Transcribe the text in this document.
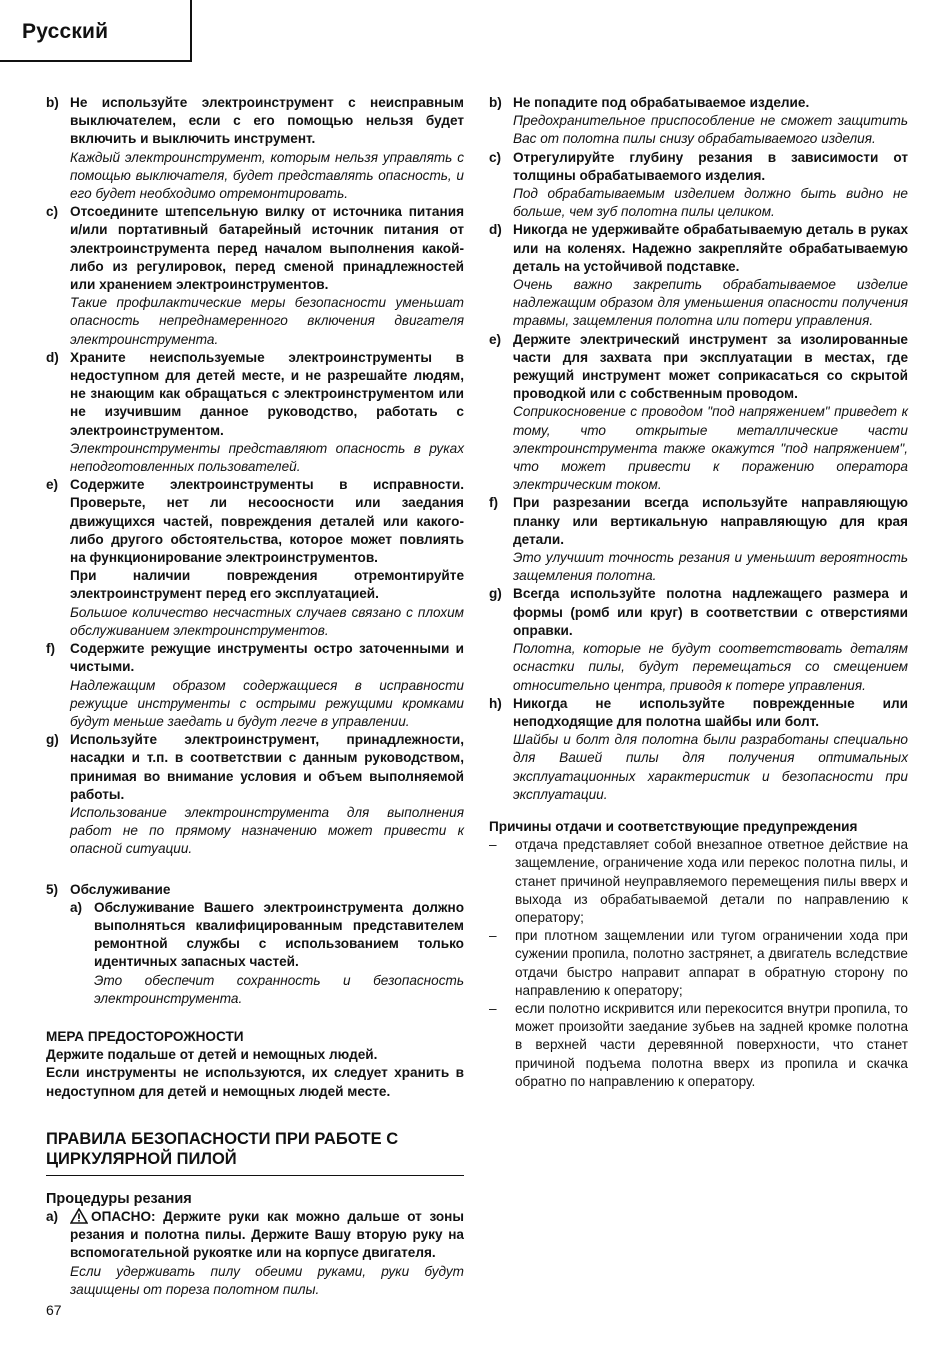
Русский
b) Не используйте электроинструмент с неисправным выключателем, если с его помощью нельзя будет включить и выключить инструмент.
Каждый электроинструмент, которым нельзя управлять с помощью выключателя, будет представлять опасность, и его будет необходимо отремонтировать.
c) Отсоедините штепсельную вилку от источника питания и/или портативный батарейный источник питания от электроинструмента перед началом выполнения какой-либо из регулировок, перед сменой принадлежностей или хранением электроинструментов.
Такие профилактические меры безопасности уменьшат опасность непреднамеренного включения двигателя электроинструмента.
d) Храните неиспользуемые электроинструменты в недоступном для детей месте, и не разрешайте людям, не знающим как обращаться с электроинструментом или не изучившим данное руководство, работать с электроинструментом.
Электроинструменты представляют опасность в руках неподготовленных пользователей.
e) Содержите электроинструменты в исправности. Проверьте, нет ли несоосности или заедания движущихся частей, повреждения деталей или какого-либо другого обстоятельства, которое может повлиять на функционирование электроинструментов.
При наличии повреждения отремонтируйте электроинструмент перед его эксплуатацией.
Большое количество несчастных случаев связано с плохим обслуживанием электроинструментов.
f)	Содержите режущие инструменты остро заточенными и чистыми.
Надлежащим образом содержащиеся в исправности режущие инструменты с острыми режущими кромками будут меньше заедать и будут легче в управлении.
g) Используйте электроинструмент, принадлежности, насадки и т.п. в соответствии с данным руководством, принимая во внимание условия и объем выполняемой работы.
Использование электроинструмента для выполнения работ не по прямому назначению может привести к опасной ситуации.
5) Обслуживание
a) Обслуживание Вашего электроинструмента должно выполняться квалифицированным представителем ремонтной службы с использованием только идентичных запасных частей.
Это обеспечит сохранность и безопасность электроинструмента.
МЕРА ПРЕДОСТОРОЖНОСТИ
Держите подальше от детей и немощных людей.
Если инструменты не используются, их следует хранить в недоступном для детей и немощных людей месте.
ПРАВИЛА БЕЗОПАСНОСТИ ПРИ РАБОТЕ С ЦИРКУЛЯРНОЙ ПИЛОЙ
Процедуры резания
a)	ОПАСНО: Держите руки как можно дальше от зоны резания и полотна пилы. Держите Вашу вторую руку на вспомогательной рукоятке или на корпусе двигателя.
Если удерживать пилу обеими руками, руки будут защищены от пореза полотном пилы.
b) Не попадите под обрабатываемое изделие.
Предохранительное приспособление не сможет защитить Вас от полотна пилы снизу обрабатываемого изделия.
c) Отрегулируйте глубину резания в зависимости от толщины обрабатываемого изделия.
Под обрабатываемым изделием должно быть видно не больше, чем зуб полотна пилы целиком.
d) Никогда не удерживайте обрабатываемую деталь в руках или на коленях. Надежно закрепляйте обрабатываемую деталь на устойчивой подставке.
Очень важно закрепить обрабатываемое изделие надлежащим образом для уменьшения опасности получения травмы, защемления полотна или потери управления.
e) Держите электрический инструмент за изолированные части для захвата при эксплуатации в местах, где режущий инструмент может соприкасаться со скрытой проводкой или с собственным проводом.
Соприкосновение с проводом "под напряжением" приведет к тому, что открытые металлические части электроинструмента также окажутся "под напряжением", что может привести к поражению оператора электрическим током.
f)	При разрезании всегда используйте направляющую планку или вертикальную направляющую для края детали.
Это улучшит точность резания и уменьшит вероятность защемления полотна.
g) Всегда используйте полотна надлежащего размера и формы (ромб или круг) в соответствии с отверстиями оправки.
Полотна, которые не будут соответствовать деталям оснастки пилы, будут перемещаться со смещением относительно центра, приводя к потере управления.
h) Никогда не используйте поврежденные или неподходящие для полотна шайбы или болт.
Шайбы и болт для полотна были разработаны специально для Вашей пилы для получения оптимальных эксплуатационных характеристик и безопасности при эксплуатации.
Причины отдачи и соответствующие предупреждения
–	отдача представляет собой внезапное ответное действие на защемление, ограничение хода или перекос полотна пилы, и станет причиной неуправляемого перемещения пилы вверх и выхода из обрабатываемой детали по направлению к оператору;
–	при плотном защемлении или тугом ограничении хода при сужении пропила, полотно застрянет, а двигатель вследствие отдачи быстро направит аппарат в обратную сторону по направлению к оператору;
–	если полотно искривится или перекосится внутри пропила, то может произойти заедание зубьев на задней кромке полотна в верхней части деревянной поверхности, что станет причиной подъема полотна вверх из пропила и скачка обратно по направлению к оператору.
67
